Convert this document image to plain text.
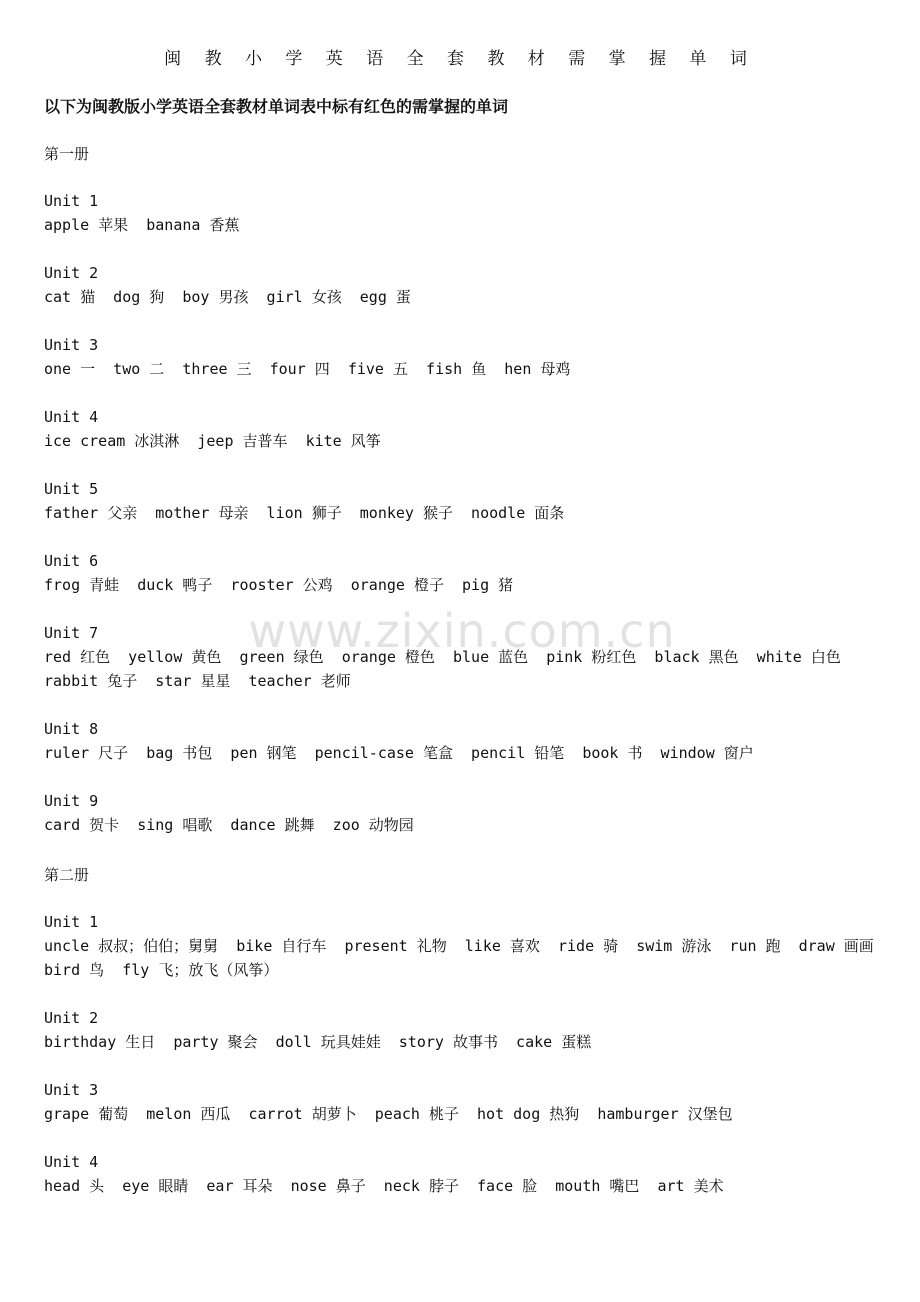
闽 教 小 学 英 语 全 套 教 材 需 掌 握 单 词
以下为闽教版小学英语全套教材单词表中标有红色的需掌握的单词
www.zixin.com.cn
第一册
Unit 1
apple 苹果  banana 香蕉
Unit 2
cat 猫  dog 狗  boy 男孩  girl 女孩  egg 蛋
Unit 3
one 一  two 二  three 三  four 四  five 五  fish 鱼  hen 母鸡
Unit 4
ice cream 冰淇淋  jeep 吉普车  kite 风筝
Unit 5
father 父亲  mother 母亲  lion 狮子  monkey 猴子  noodle 面条
Unit 6
frog 青蛙  duck 鸭子  rooster 公鸡  orange 橙子  pig 猪
Unit 7
red 红色  yellow 黄色  green 绿色  orange 橙色  blue 蓝色  pink 粉红色  black 黑色  white 白色  rabbit 兔子  star 星星  teacher 老师
Unit 8
ruler 尺子  bag 书包  pen 钢笔  pencil-case 笔盒  pencil 铅笔  book 书  window 窗户
Unit 9
card 贺卡  sing 唱歌  dance 跳舞  zoo 动物园
第二册
Unit 1
uncle 叔叔；伯伯；舅舅  bike 自行车  present 礼物  like 喜欢  ride 骑  swim 游泳  run 跑  draw 画画  bird 鸟  fly 飞；放飞（风筝）
Unit 2
birthday 生日  party 聚会  doll 玩具娃娃  story 故事书  cake 蛋糕
Unit 3
grape 葡萄  melon 西瓜  carrot 胡萝卜  peach 桃子  hot dog 热狗  hamburger 汉堡包
Unit 4
head 头  eye 眼睛  ear 耳朵  nose 鼻子  neck 脖子  face 脸  mouth 嘴巴  art 美术
